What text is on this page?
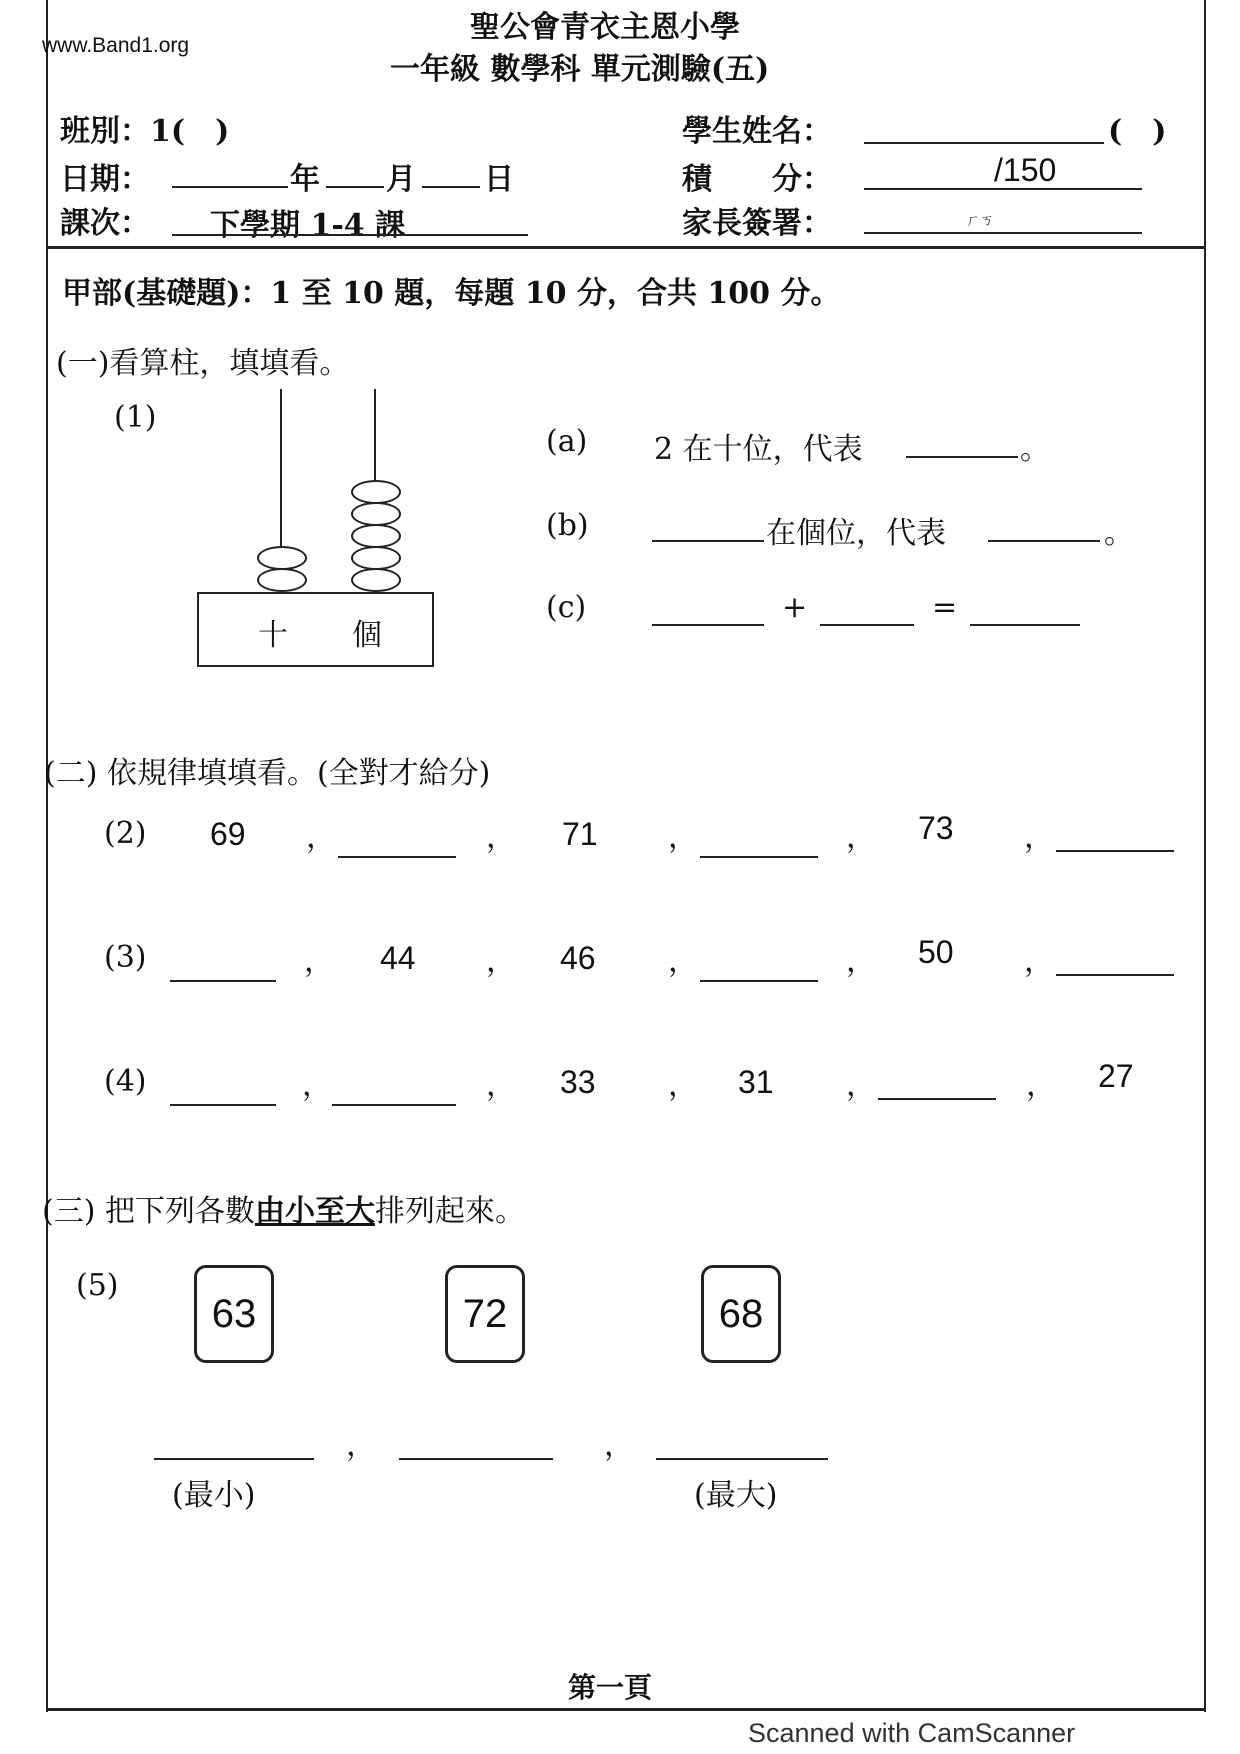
www.Band1.org
聖公會青衣主恩小學
一年級 數學科 單元測驗(五)
班別：1(　)
日期：	年 月 日
課次： 下學期 1-4 課
學生姓名：	(　)
積　　分：	/150
家長簽署：	ㄏㄎ
甲部(基礎題)：1 至 10 題，每題 10 分，合共 100 分。
(一)看算柱，填填看。
(1)
十 個
(a) 2 在十位，代表	。
(b)	在個位，代表	。
(c)	+	=
(二) 依規律填填看。(全對才給分)
(2) 69 ，	， 71 ，	， 73 ，
(3)	， 44 ， 46 ，	， 50 ，
(4)	，	， 33 ， 31 ，	， 27
(三) 把下列各數由小至大排列起來。
(5)
63	72	68
，	，
(最小)	(最大)
第一頁
Scanned with CamScanner
